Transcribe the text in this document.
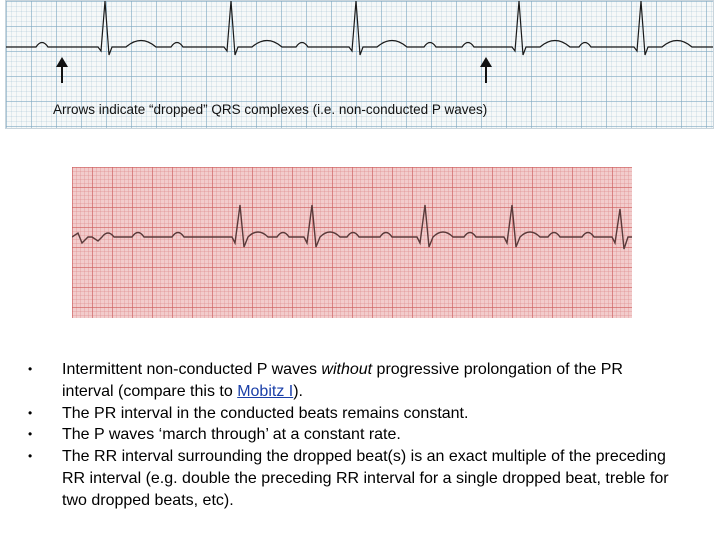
Arrows indicate “dropped” QRS complexes (i.e. non-conducted P waves)
• Intermittent non-conducted P waves without progressive prolongation of the PR interval (compare this to Mobitz I).
• The PR interval in the conducted beats remains constant.
• The P waves ‘march through’ at a constant rate.
• The RR interval surrounding the dropped beat(s) is an exact multiple of the preceding RR interval (e.g. double the preceding RR interval for a single dropped beat, treble for two dropped beats, etc).
